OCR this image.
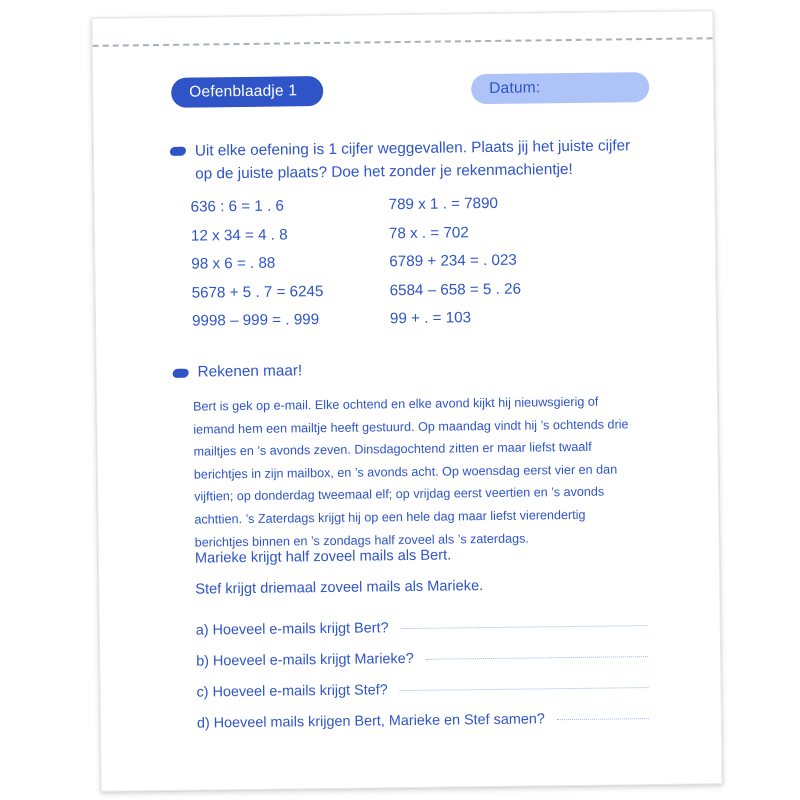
Oefenblaadje 1	Datum:
Uit elke oefening is 1 cijfer weggevallen. Plaats jij het juiste cijfer op de juiste plaats? Doe het zonder je rekenmachientje!
636 : 6 = 1 . 6	789 x 1 . = 7890
12 x 34 = 4 . 8	78 x . = 702
98 x 6 = . 88	6789 + 234 = . 023
5678 + 5 . 7 = 6245	6584 – 658 = 5 . 26
9998 – 999 = . 999	99 + . = 103
Rekenen maar!
Bert is gek op e-mail. Elke ochtend en elke avond kijkt hij nieuwsgierig of iemand hem een mailtje heeft gestuurd. Op maandag vindt hij ’s ochtends drie mailtjes en ’s avonds zeven. Dinsdagochtend zitten er maar liefst twaalf berichtjes in zijn mailbox, en ’s avonds acht. Op woensdag eerst vier en dan vijftien; op donderdag tweemaal elf; op vrijdag eerst veertien en ’s avonds achttien. ’s Zaterdags krijgt hij op een hele dag maar liefst vierendertig berichtjes binnen en ’s zondags half zoveel als ’s zaterdags.
Marieke krijgt half zoveel mails als Bert.
Stef krijgt driemaal zoveel mails als Marieke.
a) Hoeveel e-mails krijgt Bert?
b) Hoeveel e-mails krijgt Marieke?
c) Hoeveel e-mails krijgt Stef?
d) Hoeveel mails krijgen Bert, Marieke en Stef samen?
